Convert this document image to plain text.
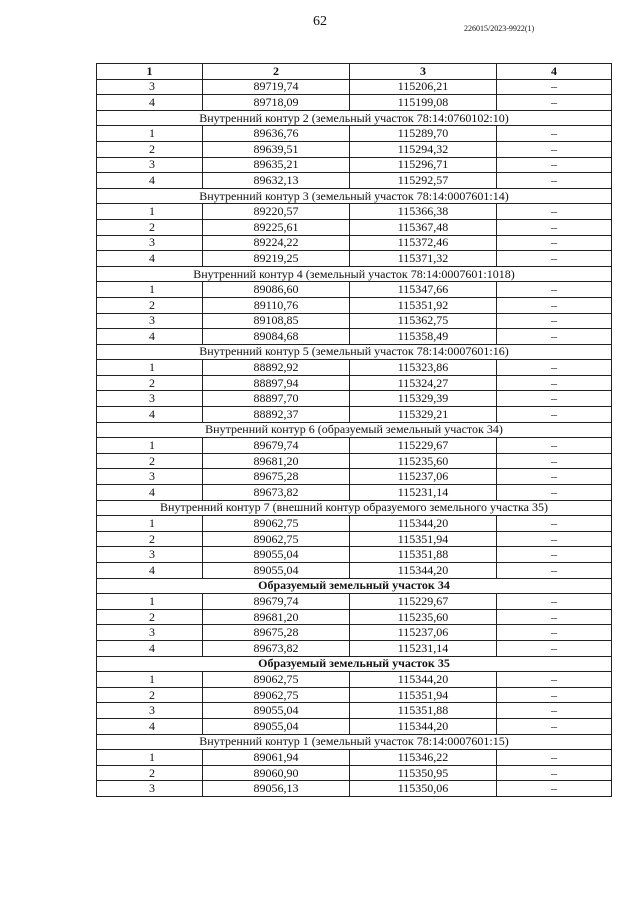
62	226015/2023-9922(1)
1	2	3	4
3	89719,74	115206,21	–
4	89718,09	115199,08	–
Внутренний контур 2 (земельный участок 78:14:0760102:10)			
1	89636,76	115289,70	–
2	89639,51	115294,32	–
3	89635,21	115296,71	–
4	89632,13	115292,57	–
Внутренний контур 3 (земельный участок 78:14:0007601:14)			
1	89220,57	115366,38	–
2	89225,61	115367,48	–
3	89224,22	115372,46	–
4	89219,25	115371,32	–
Внутренний контур 4 (земельный участок 78:14:0007601:1018)			
1	89086,60	115347,66	–
2	89110,76	115351,92	–
3	89108,85	115362,75	–
4	89084,68	115358,49	–
Внутренний контур 5 (земельный участок 78:14:0007601:16)			
1	88892,92	115323,86	–
2	88897,94	115324,27	–
3	88897,70	115329,39	–
4	88892,37	115329,21	–
Внутренний контур 6 (образуемый земельный участок 34)			
1	89679,74	115229,67	–
2	89681,20	115235,60	–
3	89675,28	115237,06	–
4	89673,82	115231,14	–
Внутренний контур 7 (внешний контур образуемого земельного участка 35)			
1	89062,75	115344,20	–
2	89062,75	115351,94	–
3	89055,04	115351,88	–
4	89055,04	115344,20	–
Образуемый земельный участок 34			
1	89679,74	115229,67	–
2	89681,20	115235,60	–
3	89675,28	115237,06	–
4	89673,82	115231,14	–
Образуемый земельный участок 35			
1	89062,75	115344,20	–
2	89062,75	115351,94	–
3	89055,04	115351,88	–
4	89055,04	115344,20	–
Внутренний контур 1 (земельный участок 78:14:0007601:15)			
1	89061,94	115346,22	–
2	89060,90	115350,95	–
3	89056,13	115350,06	–
